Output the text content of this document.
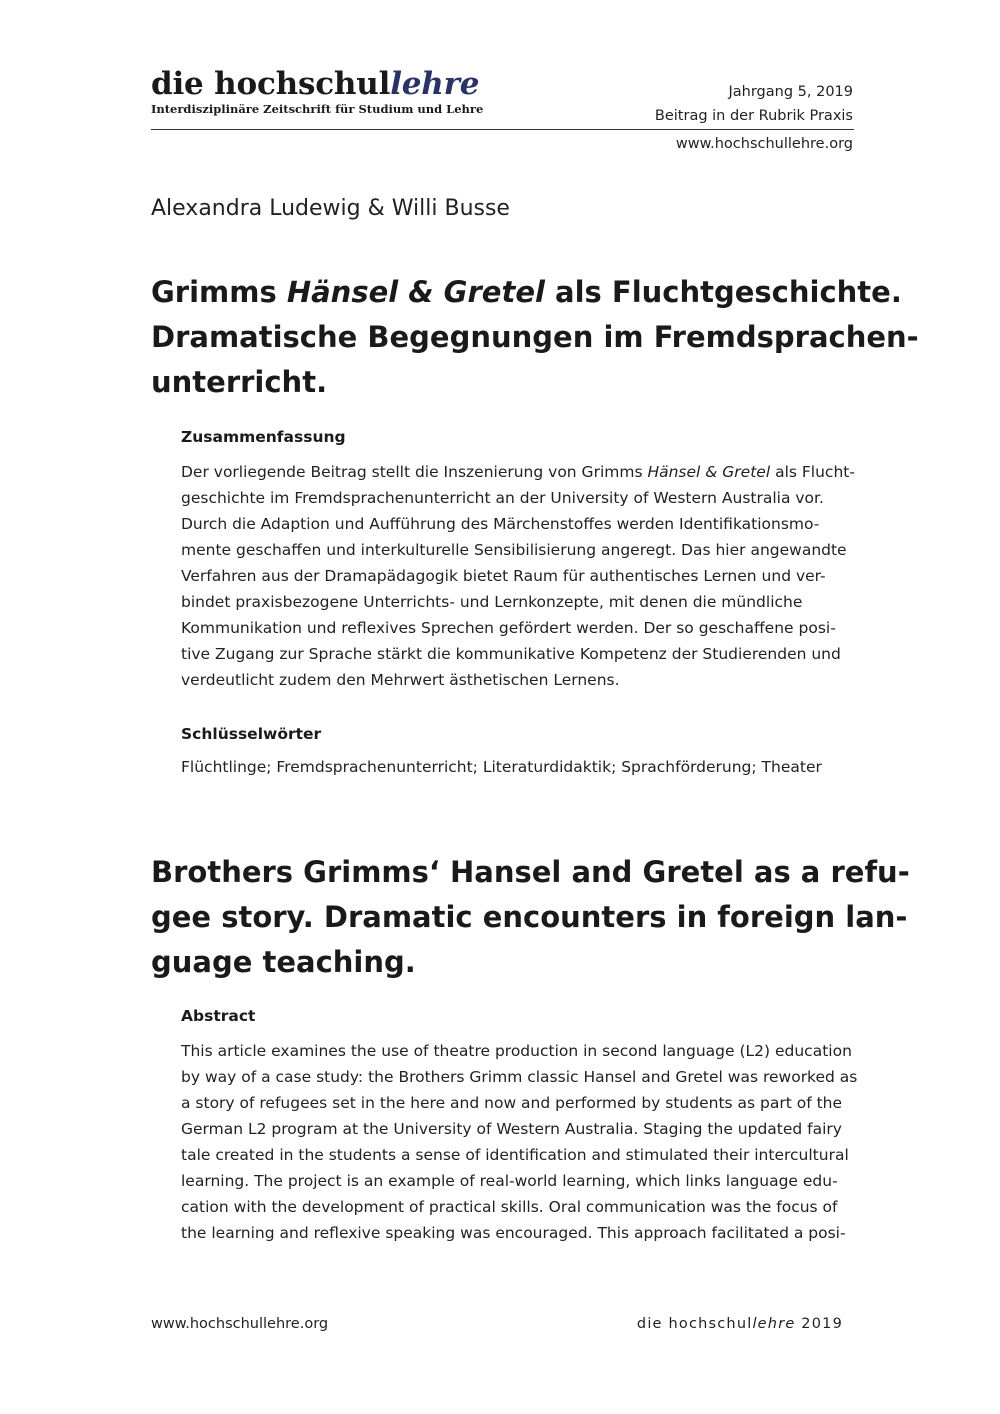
die hochschullehre
Interdisziplinäre Zeitschrift für Studium und Lehre
Jahrgang 5, 2019
Beitrag in der Rubrik Praxis
www.hochschullehre.org
Alexandra Ludewig & Willi Busse
Grimms Hänsel & Gretel als Fluchtgeschichte.
Dramatische Begegnungen im Fremdsprachen-
unterricht.
Zusammenfassung
Der vorliegende Beitrag stellt die Inszenierung von Grimms Hänsel & Gretel als Flucht-
geschichte im Fremdsprachenunterricht an der University of Western Australia vor.
Durch die Adaption und Aufführung des Märchenstoffes werden Identifikationsmo-
mente geschaffen und interkulturelle Sensibilisierung angeregt. Das hier angewandte
Verfahren aus der Dramapädagogik bietet Raum für authentisches Lernen und ver-
bindet praxisbezogene Unterrichts- und Lernkonzepte, mit denen die mündliche
Kommunikation und reflexives Sprechen gefördert werden. Der so geschaffene posi-
tive Zugang zur Sprache stärkt die kommunikative Kompetenz der Studierenden und
verdeutlicht zudem den Mehrwert ästhetischen Lernens.
Schlüsselwörter
Flüchtlinge; Fremdsprachenunterricht; Literaturdidaktik; Sprachförderung; Theater
Brothers Grimms‘ Hansel and Gretel as a refu-
gee story. Dramatic encounters in foreign lan-
guage teaching.
Abstract
This article examines the use of theatre production in second language (L2) education
by way of a case study: the Brothers Grimm classic Hansel and Gretel was reworked as
a story of refugees set in the here and now and performed by students as part of the
German L2 program at the University of Western Australia. Staging the updated fairy
tale created in the students a sense of identification and stimulated their intercultural
learning. The project is an example of real-world learning, which links language edu-
cation with the development of practical skills. Oral communication was the focus of
the learning and reflexive speaking was encouraged. This approach facilitated a posi-
www.hochschullehre.org	die hochschullehre 2019
